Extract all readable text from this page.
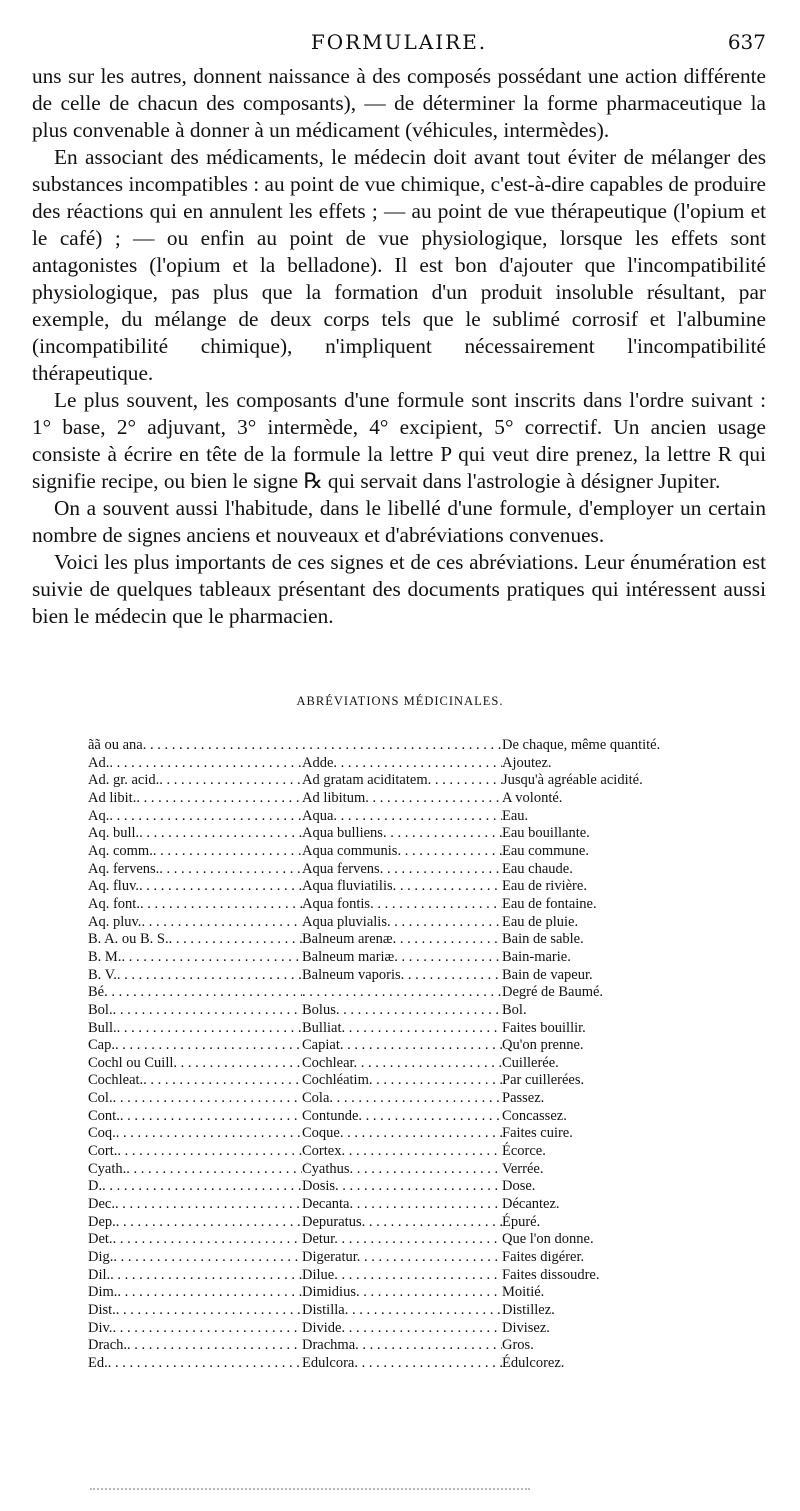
FORMULAIRE.	637

uns sur les autres, donnent naissance à des composés possédant une action différente de celle de chacun des composants), — de déterminer la forme pharmaceutique la plus convenable à donner à un médicament (véhicules, intermèdes).

En associant des médicaments, le médecin doit avant tout éviter de mélanger des substances incompatibles : au point de vue chimique, c'est-à-dire capables de produire des réactions qui en annulent les effets ; — au point de vue thérapeutique (l'opium et le café) ; — ou enfin au point de vue physiologique, lorsque les effets sont antagonistes (l'opium et la belladone). Il est bon d'ajouter que l'incompatibilité physiologique, pas plus que la formation d'un produit insoluble résultant, par exemple, du mélange de deux corps tels que le sublimé corrosif et l'albumine (incompatibilité chimique), n'impliquent nécessairement l'incompatibilité thérapeutique.

Le plus souvent, les composants d'une formule sont inscrits dans l'ordre suivant : 1° base, 2° adjuvant, 3° intermède, 4° excipient, 5° correctif. Un ancien usage consiste à écrire en tête de la formule la lettre P qui veut dire prenez, la lettre R qui signifie recipe, ou bien le signe ℞ qui servait dans l'astrologie à désigner Jupiter.

On a souvent aussi l'habitude, dans le libellé d'une formule, d'employer un certain nombre de signes anciens et nouveaux et d'abréviations convenues.

Voici les plus importants de ces signes et de ces abréviations. Leur énumération est suivie de quelques tableaux présentant des documents pratiques qui intéressent aussi bien le médecin que le pharmacien.

ABRÉVIATIONS MÉDICINALES.
ãã ou ana . . . . . .	De chaque, même quantité.
Ad. . . .	Adde . . .	Ajoutez.
Ad. gr. acid. . . .	Ad gratam aciditatem . . .	Jusqu'à agréable acidité.
Ad libit. . . .	Ad libitum . . .	A volonté.
Aq. . . .	Aqua . . .	Eau.
Aq. bull. . . .	Aqua bulliens . . .	Eau bouillante.
Aq. comm. . . .	Aqua communis . . .	Eau commune.
Aq. fervens. . . .	Aqua fervens . . .	Eau chaude.
Aq. fluv. . . .	Aqua fluviatilis . . .	Eau de rivière.
Aq. font. . . .	Aqua fontis . . .	Eau de fontaine.
Aq. pluv. . . .	Aqua pluvialis . . .	Eau de pluie.
B. A. ou B. S. . . .	Balneum arenæ . . .	Bain de sable.
B. M. . . .	Balneum mariæ . . .	Bain-marie.
B. V. . . .	Balneum vaporis . . .	Bain de vapeur.
Bé . . . . . .	Degré de Baumé.
Bol. . . .	Bolus . . .	Bol.
Bull. . . .	Bulliat . . .	Faites bouillir.
Cap. . . .	Capiat . . .	Qu'on prenne.
Cochl ou Cuill . . .	Cochlear . . .	Cuillerée.
Cochleat. . . .	Cochléatim . . .	Par cuillerées.
Col. . . .	Cola . . .	Passez.
Cont. . . .	Contunde . . .	Concassez.
Coq. . . .	Coque . . .	Faites cuire.
Cort. . . .	Cortex . . .	Écorce.
Cyath. . . .	Cyathus . . .	Verrée.
D. . . .	Dosis . . .	Dose.
Dec. . . .	Decanta . . .	Décantez.
Dep. . . .	Depuratus . . .	Épuré.
Det. . . .	Detur . . .	Que l'on donne.
Dig. . . .	Digeratur . . .	Faites digérer.
Dil. . . .	Dilue . . .	Faites dissoudre.
Dim. . . .	Dimidius . . .	Moitié.
Dist. . . .	Distilla . . .	Distillez.
Div. . . .	Divide . . .	Divisez.
Drach. . . .	Drachma . . .	Gros.
Ed. . . .	Edulcora . . .	Édulcorez.
